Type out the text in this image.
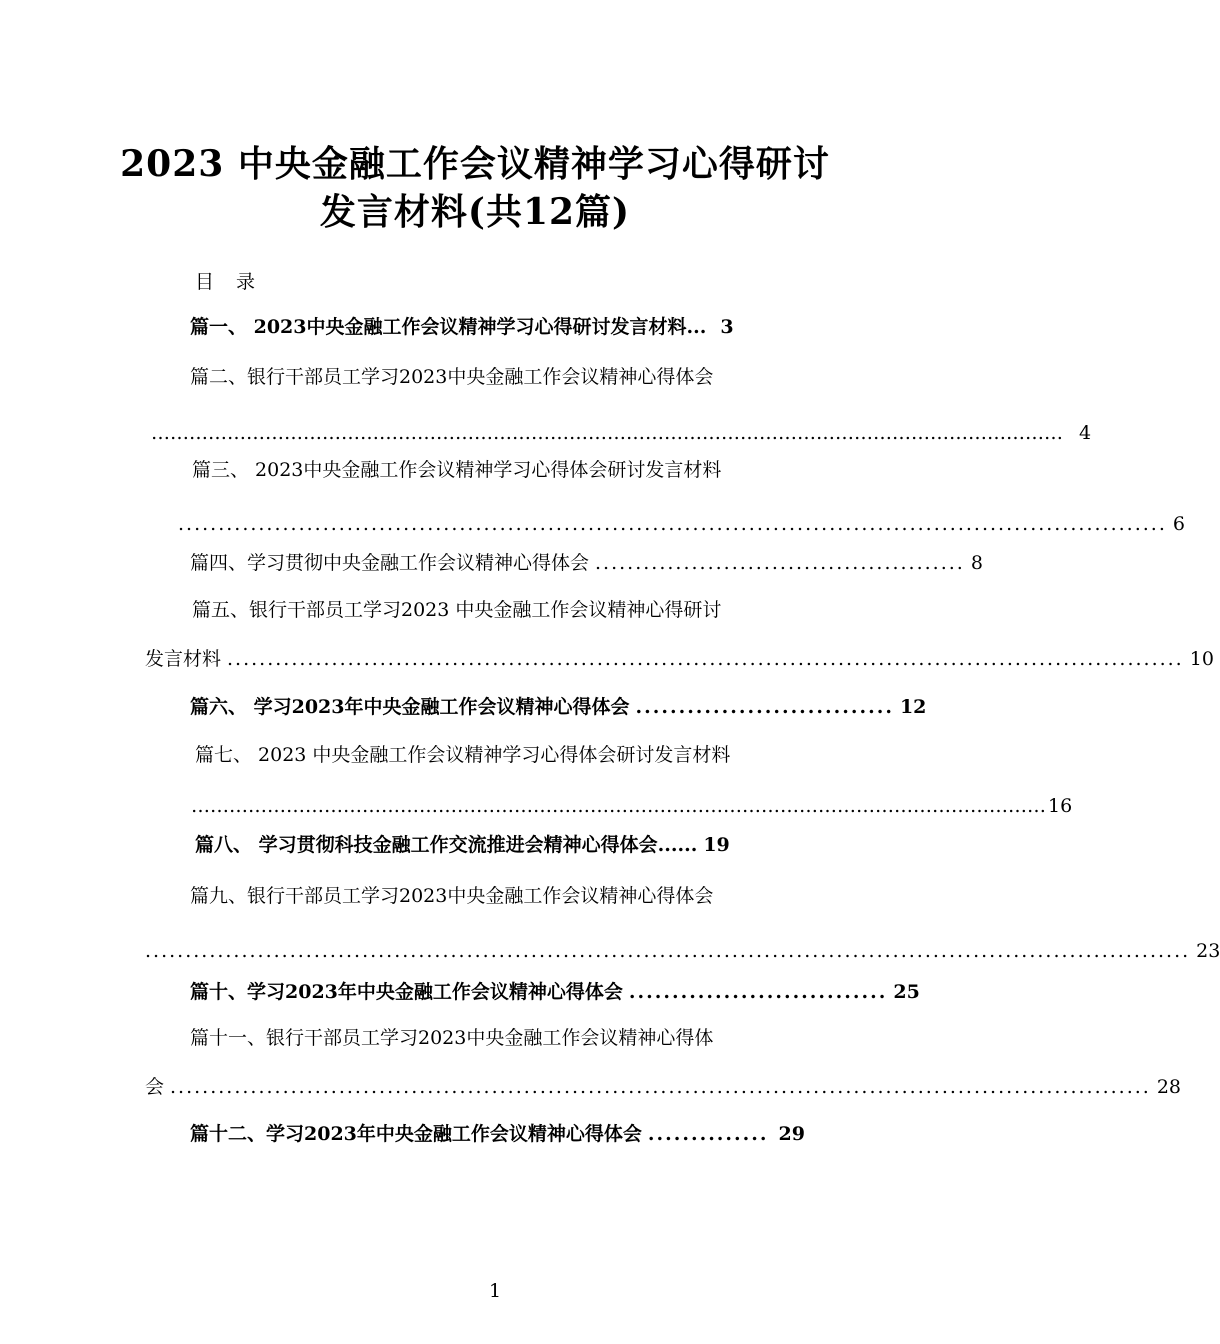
2023 中央金融工作会议精神学习心得研讨
发言材料(共12篇)
目录
篇一、 2023中央金融工作会议精神学习心得研讨发言材料... 3
篇二、银行干部员工学习2023中央金融工作会议精神心得体会
……………………………………………………………………………………………………………………………… 4
篇三、 2023中央金融工作会议精神学习心得体会研讨发言材料
........................................................................................................................... 6
篇四、学习贯彻中央金融工作会议精神心得体会 .............................................. 8
篇五、银行干部员工学习2023 中央金融工作会议精神心得研讨
发言材料 ....................................................................................................................... 10
篇六、 学习2023年中央金融工作会议精神心得体会 .............................. 12
篇七、 2023 中央金融工作会议精神学习心得体会研讨发言材料
……………………………………………………………………………………………………………………… 16
篇八、 学习贯彻科技金融工作交流推进会精神心得体会...... 19
篇九、银行干部员工学习2023中央金融工作会议精神心得体会
.................................................................................................................................. 23
篇十、学习2023年中央金融工作会议精神心得体会 .............................. 25
篇十一、银行干部员工学习2023中央金融工作会议精神心得体
会 .......................................................................................................................... 28
篇十二、学习2023年中央金融工作会议精神心得体会 .............. 29
1
